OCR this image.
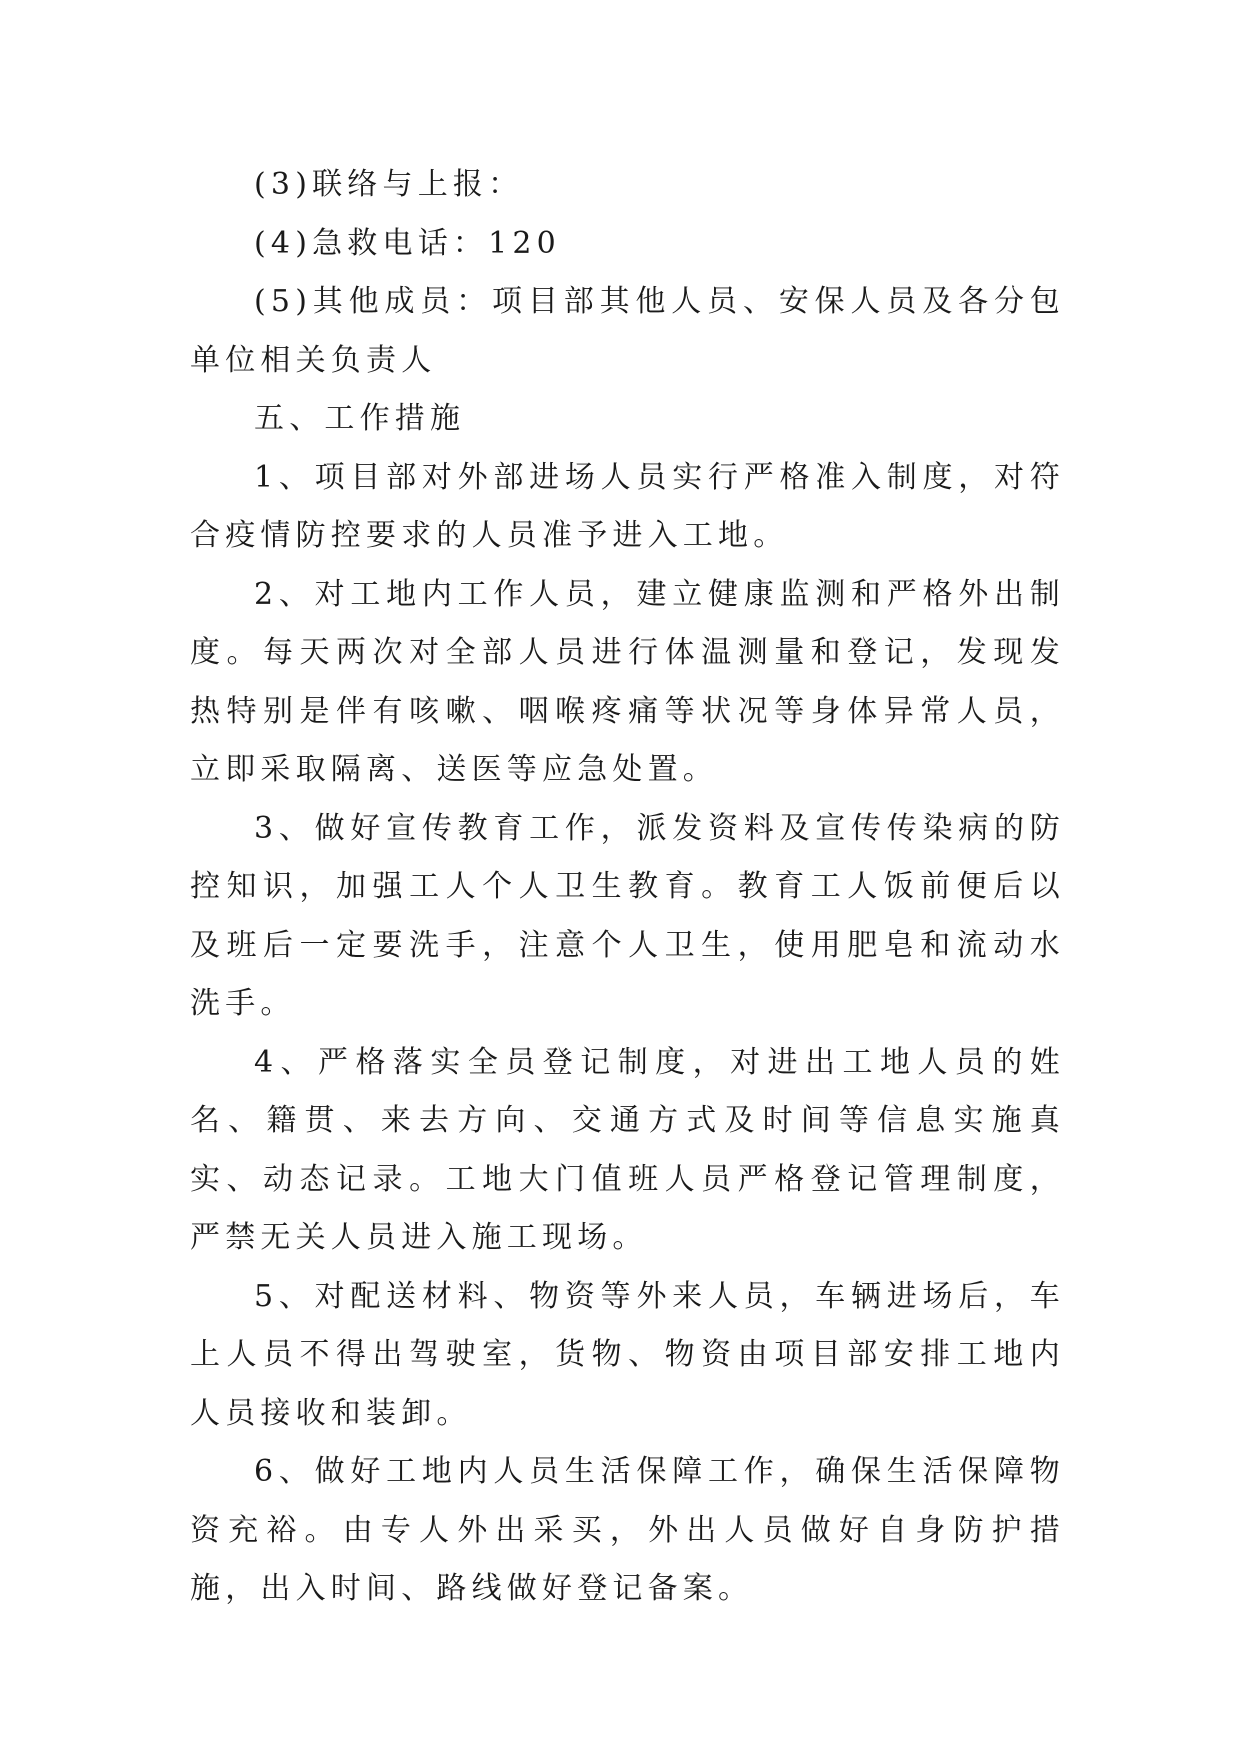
(3)联络与上报：

(4)急救电话：120

(5)其他成员：项目部其他人员、安保人员及各分包单位相关负责人

五、工作措施

1、项目部对外部进场人员实行严格准入制度，对符合疫情防控要求的人员准予进入工地。

2、对工地内工作人员，建立健康监测和严格外出制度。每天两次对全部人员进行体温测量和登记，发现发热特别是伴有咳嗽、咽喉疼痛等状况等身体异常人员，立即采取隔离、送医等应急处置。

3、做好宣传教育工作，派发资料及宣传传染病的防控知识，加强工人个人卫生教育。教育工人饭前便后以及班后一定要洗手，注意个人卫生，使用肥皂和流动水洗手。

4、严格落实全员登记制度，对进出工地人员的姓名、籍贯、来去方向、交通方式及时间等信息实施真实、动态记录。工地大门值班人员严格登记管理制度，严禁无关人员进入施工现场。

5、对配送材料、物资等外来人员，车辆进场后，车上人员不得出驾驶室，货物、物资由项目部安排工地内人员接收和装卸。

6、做好工地内人员生活保障工作，确保生活保障物资充裕。由专人外出采买，外出人员做好自身防护措施，出入时间、路线做好登记备案。
